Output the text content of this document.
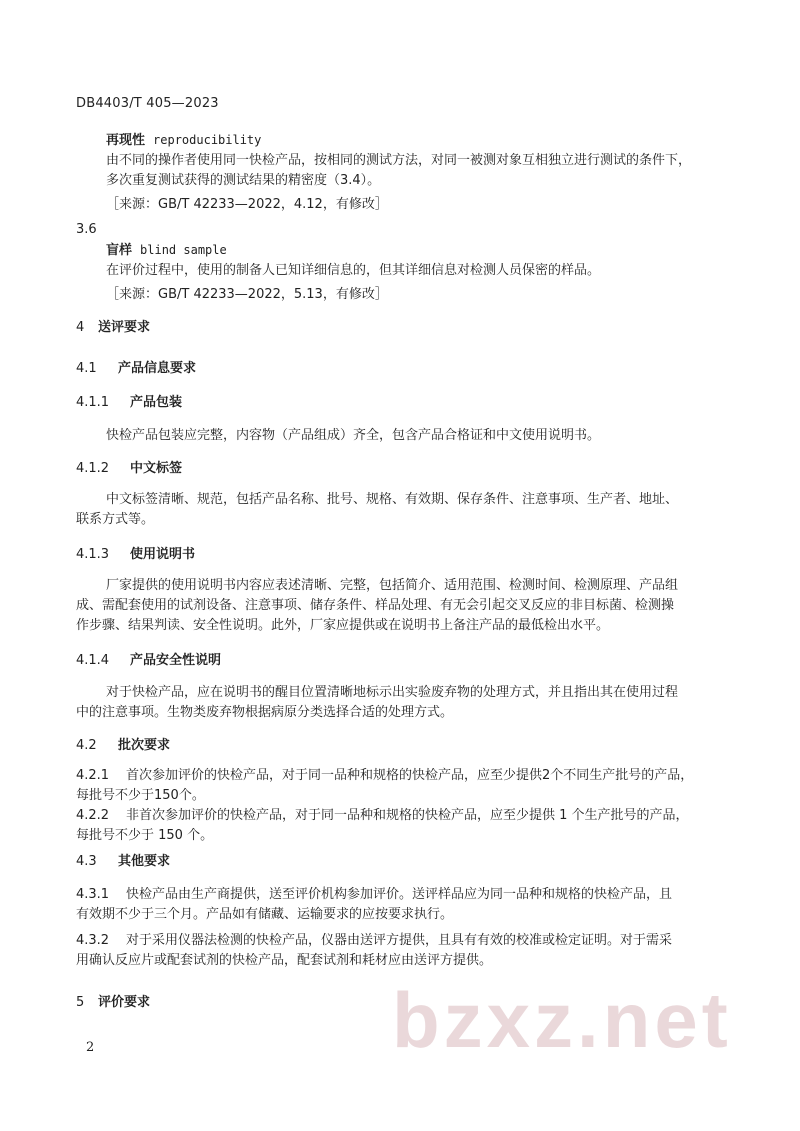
DB4403/T 405—2023
再现性 reproducibility
由不同的操作者使用同一快检产品，按相同的测试方法，对同一被测对象互相独立进行测试的条件下，
多次重复测试获得的测试结果的精密度（3.4）。
［来源：GB/T 42233—2022，4.12，有修改］
3.6
盲样 blind sample
在评价过程中，使用的制备人已知详细信息的，但其详细信息对检测人员保密的样品。
［来源：GB/T 42233—2022，5.13，有修改］
4 送评要求
4.1 产品信息要求
4.1.1 产品包装
快检产品包装应完整，内容物（产品组成）齐全，包含产品合格证和中文使用说明书。
4.1.2 中文标签
中文标签清晰、规范，包括产品名称、批号、规格、有效期、保存条件、注意事项、生产者、地址、
联系方式等。
4.1.3 使用说明书
厂家提供的使用说明书内容应表述清晰、完整，包括简介、适用范围、检测时间、检测原理、产品组
成、需配套使用的试剂设备、注意事项、储存条件、样品处理、有无会引起交叉反应的非目标菌、检测操
作步骤、结果判读、安全性说明。此外，厂家应提供或在说明书上备注产品的最低检出水平。
4.1.4 产品安全性说明
对于快检产品，应在说明书的醒目位置清晰地标示出实验废弃物的处理方式，并且指出其在使用过程
中的注意事项。生物类废弃物根据病原分类选择合适的处理方式。
4.2 批次要求
4.2.1 首次参加评价的快检产品，对于同一品种和规格的快检产品，应至少提供2个不同生产批号的产品，
每批号不少于150个。
4.2.2 非首次参加评价的快检产品，对于同一品种和规格的快检产品，应至少提供 1 个生产批号的产品，
每批号不少于 150 个。
4.3 其他要求
4.3.1 快检产品由生产商提供，送至评价机构参加评价。送评样品应为同一品种和规格的快检产品，且
有效期不少于三个月。产品如有储藏、运输要求的应按要求执行。
4.3.2 对于采用仪器法检测的快检产品，仪器由送评方提供，且具有有效的校准或检定证明。对于需采
用确认反应片或配套试剂的快检产品，配套试剂和耗材应由送评方提供。
5 评价要求	bzxz.net
2
